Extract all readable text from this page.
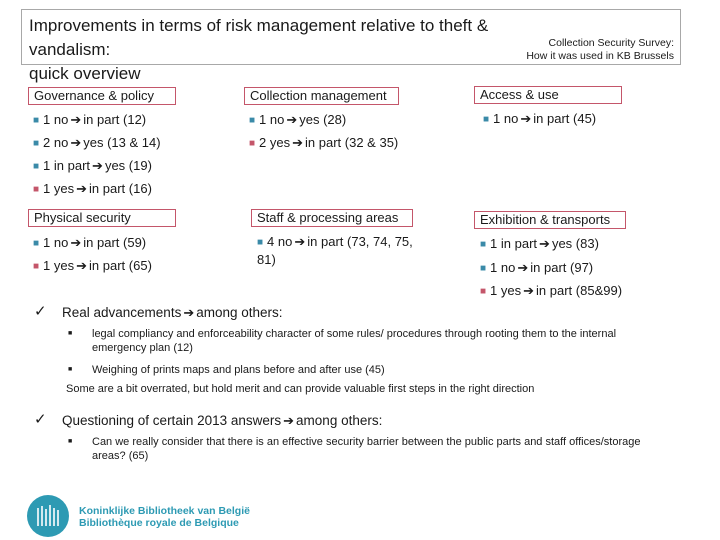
Improvements in terms of risk management relative to theft & vandalism:
quick overview
Collection Security Survey:
How it was used in KB Brussels
Governance & policy	Collection management	Access & use
■ 1 no ➔ in part (12)
■ 2 no ➔ yes (13 & 14)
■ 1 in part ➔ yes (19)
■ 1 yes ➔ in part (16)
■ 1 no ➔ yes (28)
■ 2 yes ➔ in part (32 & 35)
■ 1 no ➔ in part (45)
Physical security	Staff & processing areas	Exhibition & transports
■ 1 no ➔ in part (59)
■ 1 yes ➔ in part (65)
■ 4 no ➔ in part (73, 74, 75, 81)
■ 1 in part ➔ yes (83)
■ 1 no ➔ in part (97)
■ 1 yes ➔ in part (85&99)
✓ Real advancements ➔ among others:
■ legal compliancy and enforceability character of some rules/ procedures through rooting them to the internal emergency plan (12)
■ Weighing of prints maps and plans before and after use (45)
Some are a bit overrated, but hold merit and can provide valuable first steps in the right direction
✓ Questioning of certain 2013 answers ➔ among others:
■ Can we really consider that there is an effective security barrier between the public parts and staff offices/storage areas? (65)
Koninklijke Bibliotheek van België
Bibliothèque royale de Belgique
